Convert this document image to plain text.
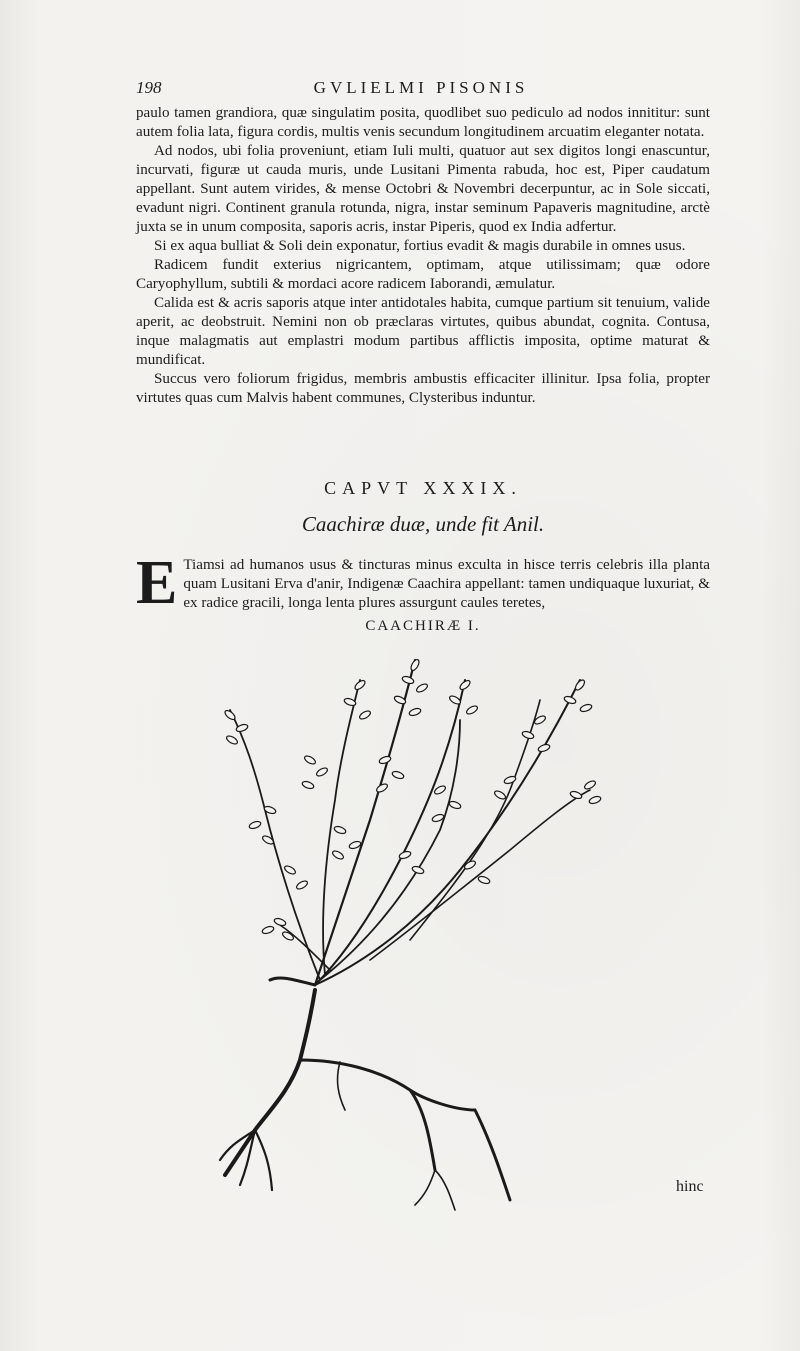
198	GVLIELMI PISONIS

paulo tamen grandiora, quæ singulatim posita, quodlibet suo pediculo ad nodos innititur: sunt autem folia lata, figura cordis, multis venis secundum longitudinem arcuatim eleganter notata.

Ad nodos, ubi folia proveniunt, etiam Iuli multi, quatuor aut sex digitos longi enascuntur, incurvati, figuræ ut cauda muris, unde Lusitani Pimenta rabuda, hoc est, Piper caudatum appellant. Sunt autem virides, & mense Octobri & Novembri decerpuntur, ac in Sole siccati, evadunt nigri. Continent granula rotunda, nigra, instar seminum Papaveris magnitudine, arctè juxta se in unum composita, saporis acris, instar Piperis, quod ex India adfertur.

Si ex aqua bulliat & Soli dein exponatur, fortius evadit & magis durabile in omnes usus.

Radicem fundit exterius nigricantem, optimam, atque utilissimam; quæ odore Caryophyllum, subtili & mordaci acore radicem Iaborandi, æmulatur.

Calida est & acris saporis atque inter antidotales habita, cumque partium sit tenuium, valide aperit, ac deobstruit. Nemini non ob præclaras virtutes, quibus abundat, cognita. Contusa, inque malagmatis aut emplastri modum partibus afflictis imposita, optime maturat & mundificat.

Succus vero foliorum frigidus, membris ambustis efficaciter illinitur. Ipsa folia, propter virtutes quas cum Malvis habent communes, Clysteribus induntur.

CAPVT XXXIX.
Caachiræ duæ, unde fit Anil.
E Tiamsi ad humanos usus & tincturas minus exculta in hisce terris celebris illa planta quam Lusitani Erva d'anir, Indigenæ Caachira appellant: tamen undiquaque luxuriat, & ex radice gracili, longa lenta plures assurgunt caules teretes,
CAACHIRÆ I.
hinc
